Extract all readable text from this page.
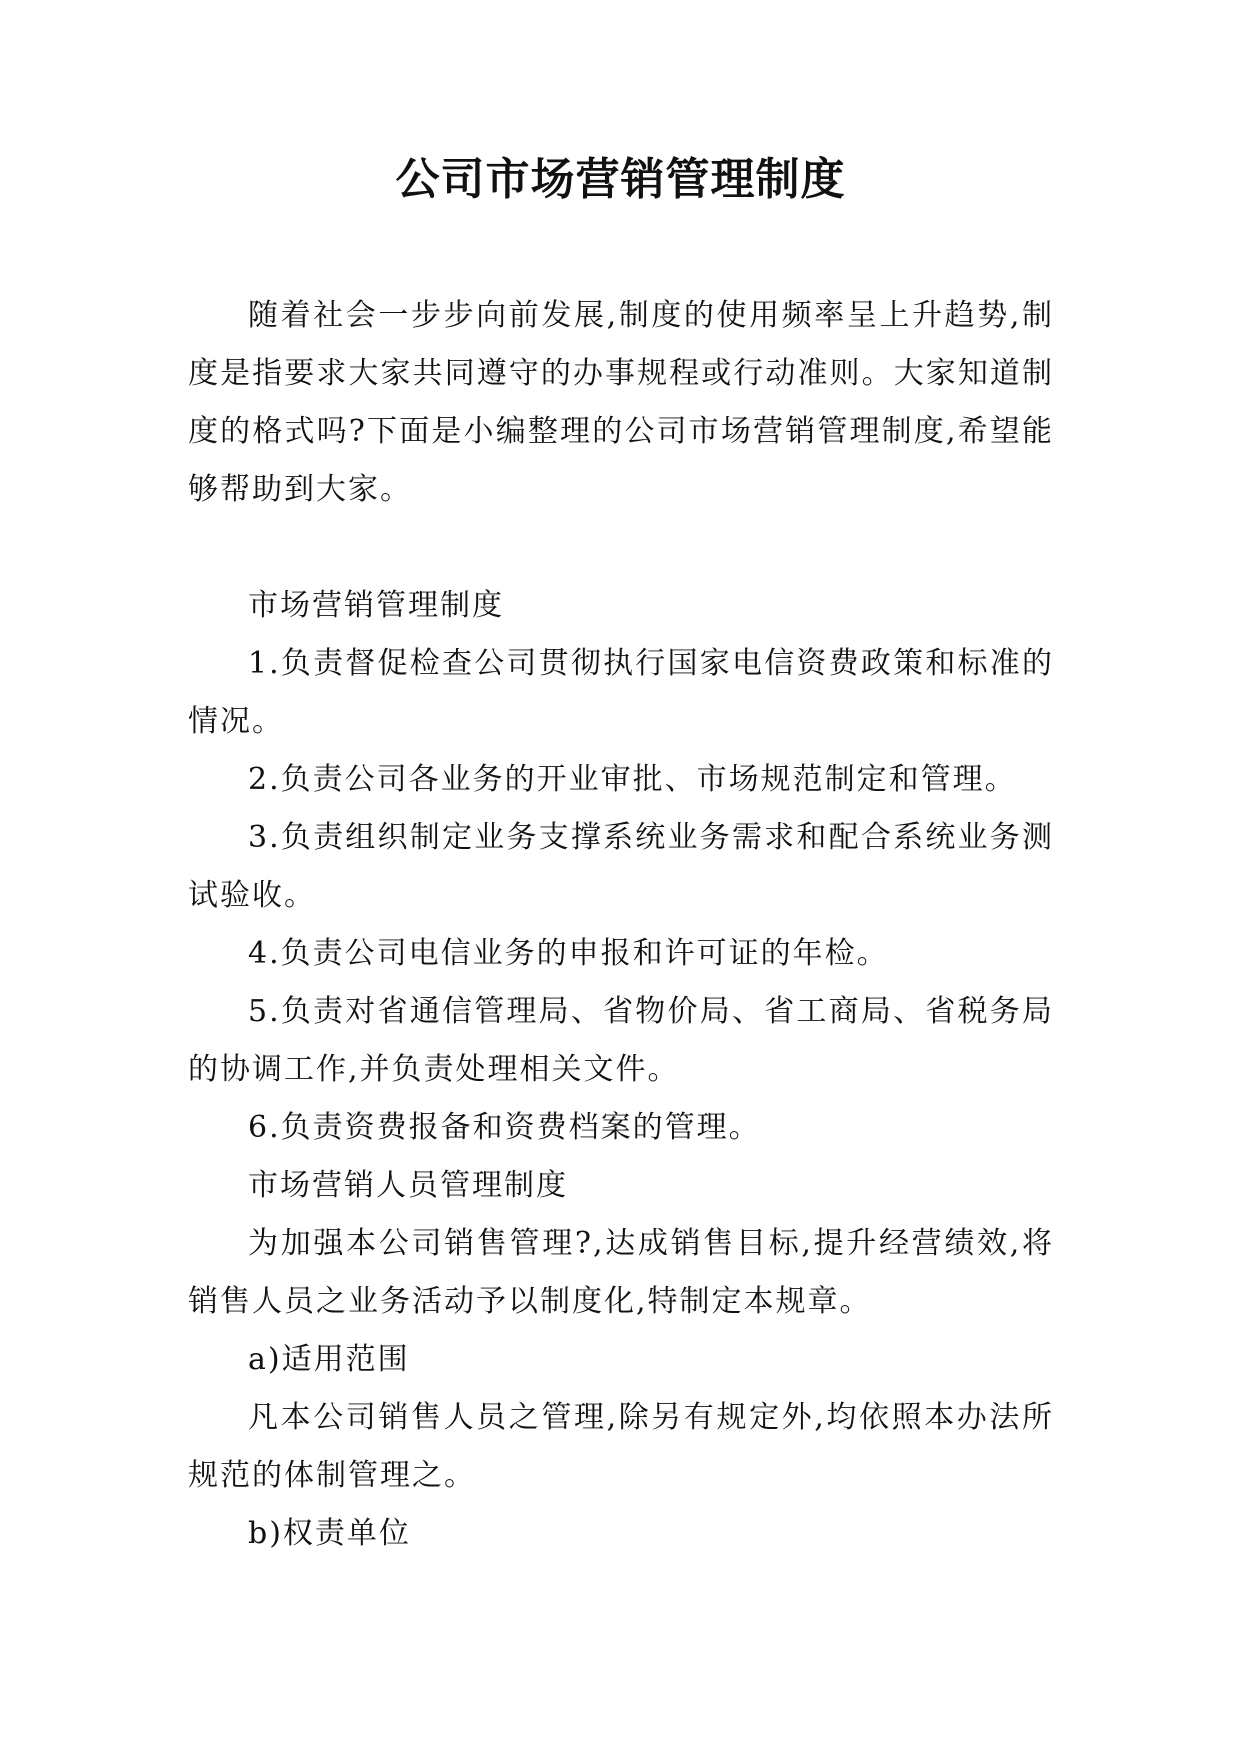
公司市场营销管理制度

随着社会一步步向前发展,制度的使用频率呈上升趋势,制度是指要求大家共同遵守的办事规程或行动准则。大家知道制度的格式吗?下面是小编整理的公司市场营销管理制度,希望能够帮助到大家。

市场营销管理制度

1.负责督促检查公司贯彻执行国家电信资费政策和标准的情况。

2.负责公司各业务的开业审批、市场规范制定和管理。

3.负责组织制定业务支撑系统业务需求和配合系统业务测试验收。

4.负责公司电信业务的申报和许可证的年检。

5.负责对省通信管理局、省物价局、省工商局、省税务局的协调工作,并负责处理相关文件。

6.负责资费报备和资费档案的管理。

市场营销人员管理制度

为加强本公司销售管理?,达成销售目标,提升经营绩效,将销售人员之业务活动予以制度化,特制定本规章。

a)适用范围

凡本公司销售人员之管理,除另有规定外,均依照本办法所规范的体制管理之。

b)权责单位
